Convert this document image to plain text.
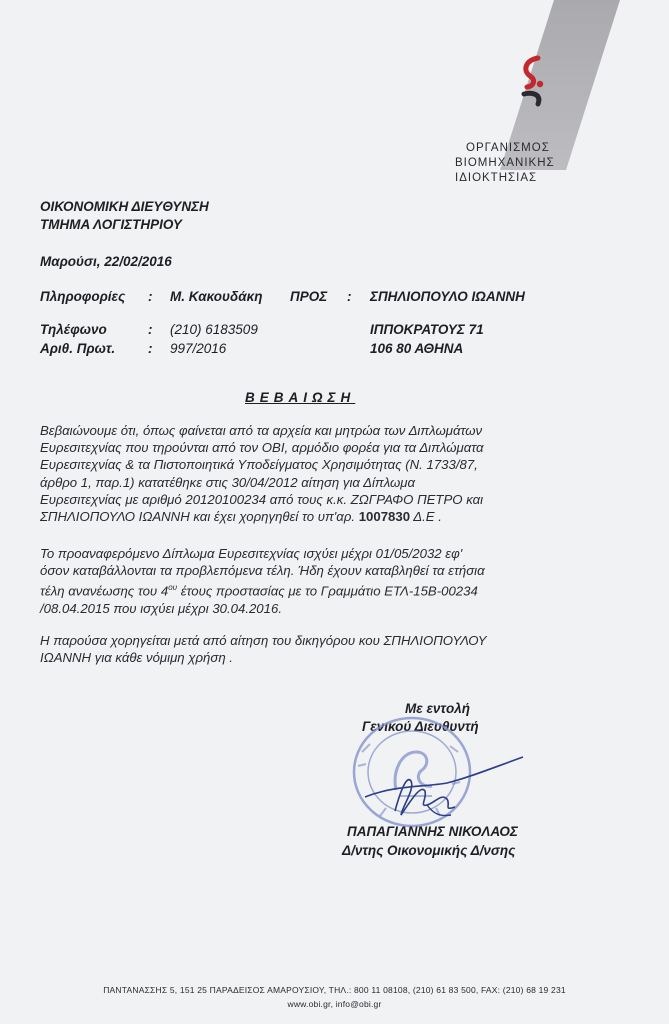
ΟΡΓΑΝΙΣΜΟΣ
ΒΙΟΜΗΧΑΝΙΚΗΣ
ΙΔΙΟΚΤΗΣΙΑΣ
ΟΙΚΟΝΟΜΙΚΗ ΔΙΕΥΘΥΝΣΗ
ΤΜΗΜΑ ΛΟΓΙΣΤΗΡΙΟΥ
Μαρούσι, 22/02/2016
Πληροφορίες : Μ. Κακουδάκη ΠΡΟΣ : ΣΠΗΛΙΟΠΟΥΛΟ ΙΩΑΝΝΗ
Τηλέφωνο	: (210) 6183509	ΙΠΠΟΚΡΑΤΟΥΣ 71
Αριθ. Πρωτ. : 997/2016	106 80 ΑΘΗΝΑ
ΒΕΒΑΙΩΣΗ
Βεβαιώνουμε ότι, όπως φαίνεται από τα αρχεία και μητρώα των Διπλωμάτων
Ευρεσιτεχνίας που τηρούνται από τον ΟΒΙ, αρμόδιο φορέα για τα Διπλώματα
Ευρεσιτεχνίας & τα Πιστοποιητικά Υποδείγματος Χρησιμότητας (Ν. 1733/87,
άρθρο 1, παρ.1) κατατέθηκε στις 30/04/2012 αίτηση για Δίπλωμα
Ευρεσιτεχνίας με αριθμό 20120100234 από τους κ.κ. ΖΩΓΡΑΦΟ ΠΕΤΡΟ και
ΣΠΗΛΙΟΠΟΥΛΟ ΙΩΑΝΝΗ και έχει χορηγηθεί το υπ'αρ. 1007830 Δ.Ε .
Το προαναφερόμενο Δίπλωμα Ευρεσιτεχνίας ισχύει μέχρι 01/05/2032 εφ'
όσον καταβάλλονται τα προβλεπόμενα τέλη. Ήδη έχουν καταβληθεί τα ετήσια
τέλη ανανέωσης του $4^{o\upsilon}$ έτους προστασίας με το Γραμμάτιο ΕΤΛ-15Β-00234
/08.04.2015 που ισχύει μέχρι 30.04.2016.
Η παρούσα χορηγείται μετά από αίτηση του δικηγόρου κου ΣΠΗΛΙΟΠΟΥΛΟΥ
ΙΩΑΝΝΗ για κάθε νόμιμη χρήση .
Με εντολή
Γενικού Διευθυντή
ΠΑΠΑΓΙΑΝΝΗΣ ΝΙΚΟΛΑΟΣ
Δ/ντης Οικονομικής Δ/νσης
ΠΑΝΤΑΝΑΣΣΗΣ 5, 151 25 ΠΑΡΑΔΕΙΣΟΣ ΑΜΑΡΟΥΣΙΟΥ, ΤΗΛ.: 800 11 08108, (210) 61 83 500, FAX: (210) 68 19 231
www.obi.gr, info@obi.gr
